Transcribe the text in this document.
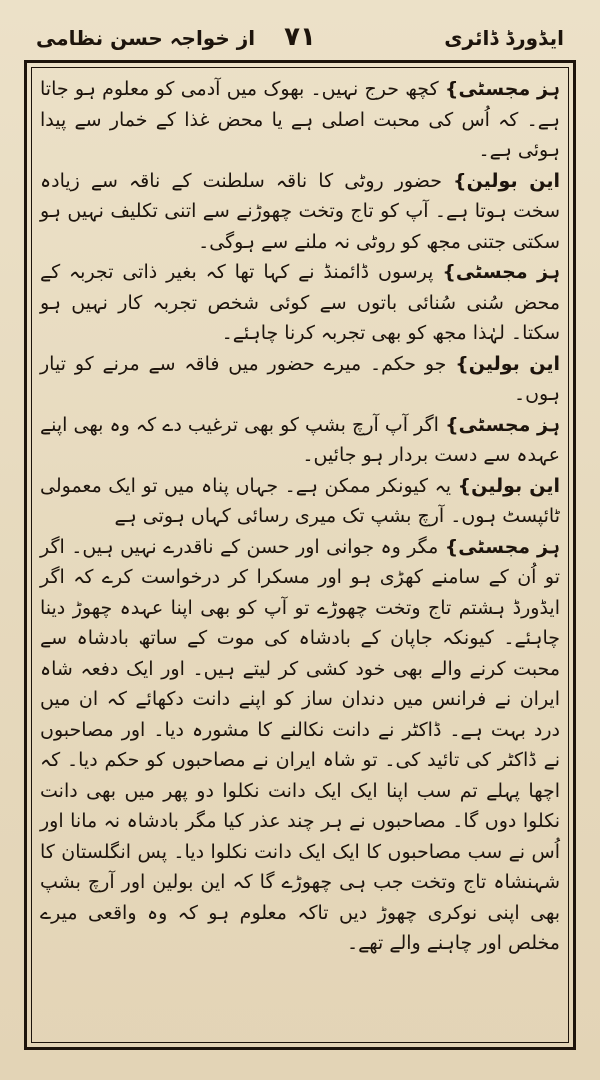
ایڈورڈ ڈائری
۷۱
از خواجہ حسن نظامی

ہز مجسٹی} کچھ حرج نہیں۔ بھوک میں آدمی کو معلوم ہو جاتا ہے۔ کہ اُس کی محبت اصلی ہے یا محض غذا کے خمار سے پیدا ہوئی ہے۔

این بولین} حضور روٹی کا ناقہ سلطنت کے ناقہ سے زیادہ سخت ہوتا ہے۔ آپ کو تاج وتخت چھوڑنے سے اتنی تکلیف نہیں ہو سکتی جتنی مجھ کو روٹی نہ ملنے سے ہوگی۔

ہز مجسٹی} پرسوں ڈائمنڈ نے کہا تھا کہ بغیر ذاتی تجربہ کے محض سُنی سُنائی باتوں سے کوئی شخص تجربہ کار نہیں ہو سکتا۔ لہٰذا مجھ کو بھی تجربہ کرنا چاہئے۔

این بولین} جو حکم۔ میرے حضور میں فاقہ سے مرنے کو تیار ہوں۔

ہز مجسٹی} اگر آپ آرچ بشپ کو بھی ترغیب دے کہ وہ بھی اپنے عہدہ سے دست بردار ہو جائیں۔

این بولین} یہ کیونکر ممکن ہے۔ جہاں پناہ میں تو ایک معمولی ٹائپسٹ ہوں۔ آرچ بشپ تک میری رسائی کہاں ہوتی ہے

ہز مجسٹی} مگر وہ جوانی اور حسن کے ناقدرے نہیں ہیں۔ اگر تو اُن کے سامنے کھڑی ہو اور مسکرا کر درخواست کرے کہ اگر ایڈورڈ ہشتم تاج وتخت چھوڑے تو آپ کو بھی اپنا عہدہ چھوڑ دینا چاہئے۔ کیونکہ جاپان کے بادشاہ کی موت کے ساتھ بادشاہ سے محبت کرنے والے بھی خود کشی کر لیتے ہیں۔ اور ایک دفعہ شاہ ایران نے فرانس میں دندان ساز کو اپنے دانت دکھائے کہ ان میں درد بہت ہے۔ ڈاکٹر نے دانت نکالنے کا مشورہ دیا۔ اور مصاحبوں نے ڈاکٹر کی تائید کی۔ تو شاہ ایران نے مصاحبوں کو حکم دیا۔ کہ اچھا پہلے تم سب اپنا ایک ایک دانت نکلوا دو پھر میں بھی دانت نکلوا دوں گا۔ مصاحبوں نے ہر چند عذر کیا مگر بادشاہ نہ مانا اور اُس نے سب مصاحبوں کا ایک ایک دانت نکلوا دیا۔ پس انگلستان کا شہنشاہ تاج وتخت جب ہی چھوڑے گا کہ این بولین اور آرچ بشپ بھی اپنی نوکری چھوڑ دیں تاکہ معلوم ہو کہ وہ واقعی میرے مخلص اور چاہنے والے تھے۔
